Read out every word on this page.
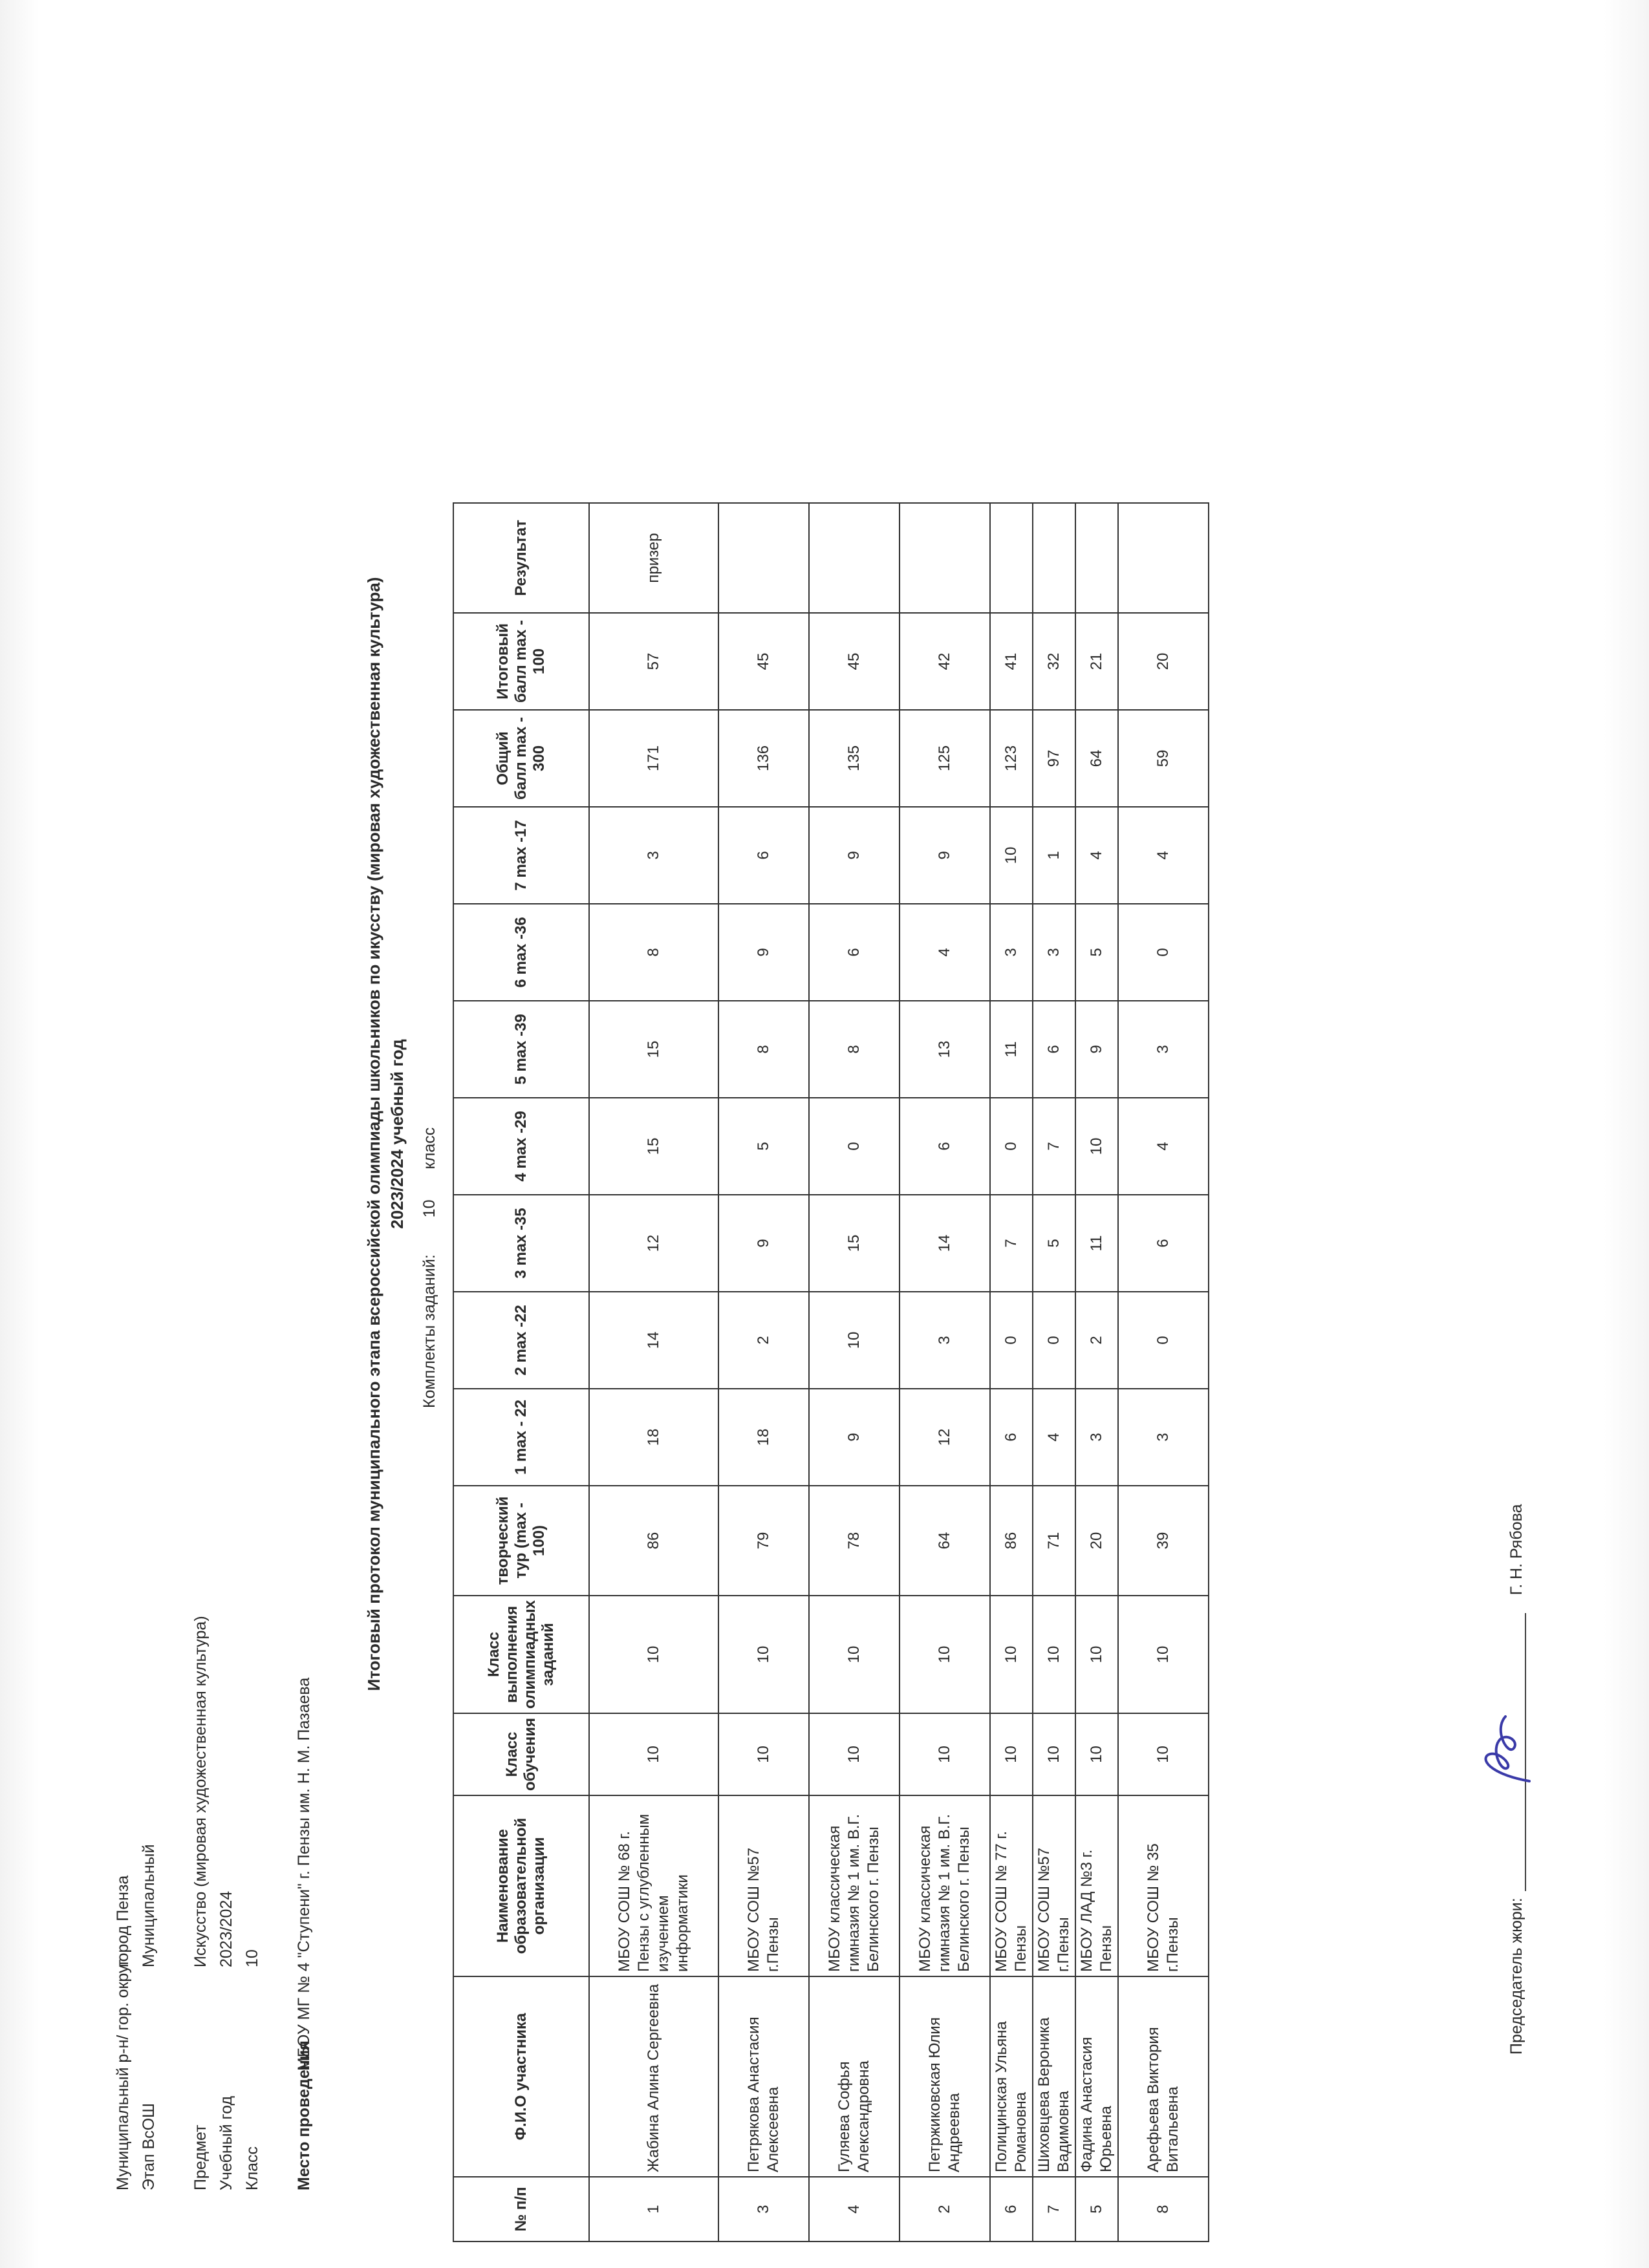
Муниципальный р-н/ гор. округ
город Пенза
Этап ВсОШ
Муниципальный
Предмет
Искусство (мировая художественная культура)
Учебный год
2023/2024
Класс
10
Место проведения
МБОУ МГ № 4 "Ступени" г. Пензы им. Н. М. Пазаева
Итоговый протокол муниципального этапа всероссийской олимпиады школьников по икусству (мировая художественная культура) 2023/2024 учебный год
Комплекты заданий: 10 класс
№ п/п	Ф.И.О участника	Наименование образовательной организации	Класс обучения	Класс выполнения олимпиадных заданий	творческий тур (max - 100)	1 max - 22	2 max -22	3 max -35	4 max -29	5 max -39	6 max -36	7 max -17	Общий балл max - 300	Итоговый балл max - 100	Результат
1	Жабина Алина Сергеевна	МБОУ СОШ № 68 г. Пензы с углубленным изучением информатики	10	10	86	18	14	12	15	15	8	3	171	57	призер
3	Петрякова Анастасия Алексеевна	МБОУ СОШ №57 г.Пензы	10	10	79	18	2	9	5	8	9	6	136	45	
4	Гуляева Софья Александровна	МБОУ классическая гимназия № 1 им. В.Г. Белинского г. Пензы	10	10	78	9	10	15	0	8	6	9	135	45	
2	Петржиковская Юлия Андреевна	МБОУ классическая гимназия № 1 им. В.Г. Белинского г. Пензы	10	10	64	12	3	14	6	13	4	9	125	42	
6	Полицинская Ульяна Романовна	МБОУ СОШ № 77 г. Пензы	10	10	86	6	0	7	0	11	3	10	123	41	
7	Шиховцева Вероника Вадимовна	МБОУ СОШ №57 г.Пензы	10	10	71	4	0	5	7	6	3	1	97	32	
5	Фадина Анастасия Юрьевна	МБОУ ЛАД №3 г. Пензы	10	10	20	3	2	11	10	9	5	4	64	21	
8	Арефьева Виктория Витальевна	МБОУ СОШ № 35 г.Пензы	10	10	39	3	0	6	4	3	0	4	59	20	
Председатель жюри:
Г. Н. Рябова
